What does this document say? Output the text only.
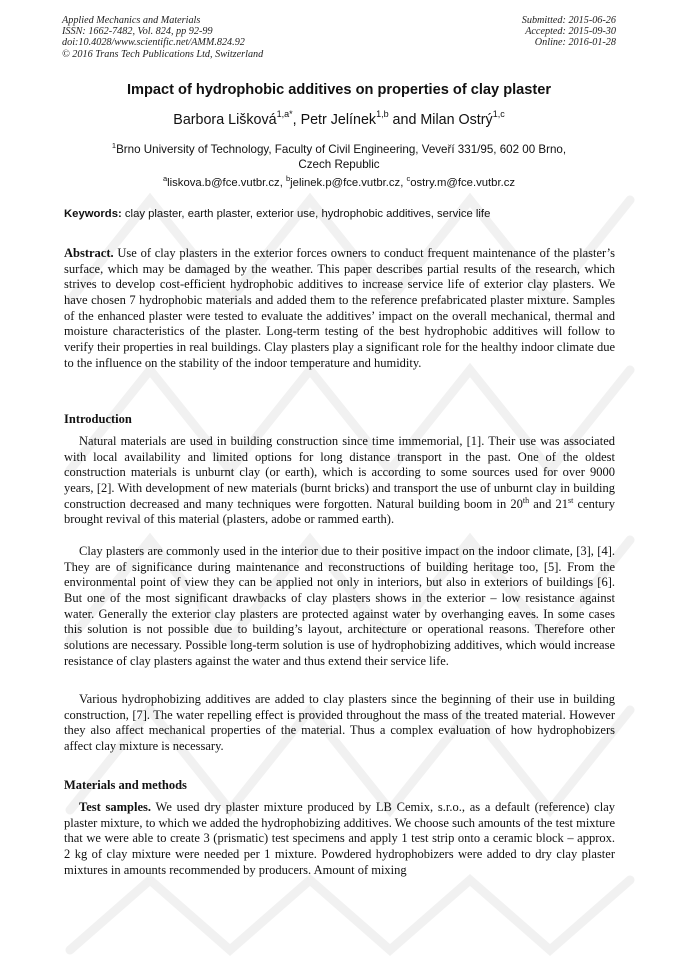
Applied Mechanics and Materials
ISSN: 1662-7482, Vol. 824, pp 92-99
doi:10.4028/www.scientific.net/AMM.824.92
© 2016 Trans Tech Publications Ltd, Switzerland
Submitted: 2015-06-26
Accepted: 2015-09-30
Online: 2016-01-28
Impact of hydrophobic additives on properties of clay plaster
Barbora Lišková$^{1,a*}$, Petr Jelínek$^{1,b}$ and Milan Ostrý$^{1,c}$
$^1$Brno University of Technology, Faculty of Civil Engineering, Veveří 331/95, 602 00 Brno,
Czech Republic
$^a$liskova.b@fce.vutbr.cz, $^b$jelinek.p@fce.vutbr.cz, $^c$ostry.m@fce.vutbr.cz
Keywords: clay plaster, earth plaster, exterior use, hydrophobic additives, service life

Abstract. Use of clay plasters in the exterior forces owners to conduct frequent maintenance of the plaster’s surface, which may be damaged by the weather. This paper describes partial results of the research, which strives to develop cost-efficient hydrophobic additives to increase service life of exterior clay plasters. We have chosen 7 hydrophobic materials and added them to the reference prefabricated plaster mixture. Samples of the enhanced plaster were tested to evaluate the additives’ impact on the overall mechanical, thermal and moisture characteristics of the plaster. Long-term testing of the best hydrophobic additives will follow to verify their properties in real buildings. Clay plasters play a significant role for the healthy indoor climate due to the influence on the stability of the indoor temperature and humidity.

Introduction

Natural materials are used in building construction since time immemorial, [1]. Their use was associated with local availability and limited options for long distance transport in the past. One of the oldest construction materials is unburnt clay (or earth), which is according to some sources used for over 9000 years, [2]. With development of new materials (burnt bricks) and transport the use of unburnt clay in building construction decreased and many techniques were forgotten. Natural building boom in 20th and 21st century brought revival of this material (plasters, adobe or rammed earth).

Clay plasters are commonly used in the interior due to their positive impact on the indoor climate, [3], [4]. They are of significance during maintenance and reconstructions of building heritage too, [5]. From the environmental point of view they can be applied not only in interiors, but also in exteriors of buildings [6]. But one of the most significant drawbacks of clay plasters shows in the exterior – low resistance against water. Generally the exterior clay plasters are protected against water by overhanging eaves. In some cases this solution is not possible due to building’s layout, architecture or operational reasons. Therefore other solutions are necessary. Possible long-term solution is use of hydrophobizing additives, which would increase resistance of clay plasters against the water and thus extend their service life.

Various hydrophobizing additives are added to clay plasters since the beginning of their use in building construction, [7]. The water repelling effect is provided throughout the mass of the treated material. However they also affect mechanical properties of the material. Thus a complex evaluation of how hydrophobizers affect clay mixture is necessary.

Materials and methods

Test samples. We used dry plaster mixture produced by LB Cemix, s.r.o., as a default (reference) clay plaster mixture, to which we added the hydrophobizing additives. We choose such amounts of the test mixture that we were able to create 3 (prismatic) test specimens and apply 1 test strip onto a ceramic block – approx. 2 kg of clay mixture were needed per 1 mixture. Powdered hydrophobizers were added to dry clay plaster mixtures in amounts recommended by producers. Amount of mixing
